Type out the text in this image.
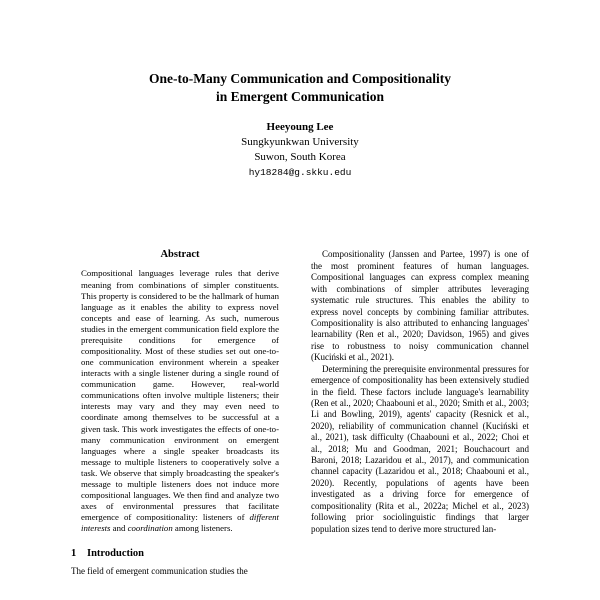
One-to-Many Communication and Compositionality
in Emergent Communication
Heeyoung Lee
Sungkyunkwan University
Suwon, South Korea
hy18284@g.skku.edu
Abstract

Compositional languages leverage rules that derive meaning from combinations of simpler constituents. This property is considered to be the hallmark of human language as it enables the ability to express novel concepts and ease of learning. As such, numerous studies in the emergent communication field explore the prerequisite conditions for emergence of compositionality. Most of these studies set out one-to-one communication environment wherein a speaker interacts with a single listener during a single round of communication game. However, real-world communications often involve multiple listeners; their interests may vary and they may even need to coordinate among themselves to be successful at a given task. This work investigates the effects of one-to-many communication environment on emergent languages where a single speaker broadcasts its message to multiple listeners to cooperatively solve a task. We observe that simply broadcasting the speaker's message to multiple listeners does not induce more compositional languages. We then find and analyze two axes of environmental pressures that facilitate emergence of compositionality: listeners of different interests and coordination among listeners.

1 Introduction

The field of emergent communication studies the

Compositionality (Janssen and Partee, 1997) is one of the most prominent features of human languages. Compositional languages can express complex meaning with combinations of simpler attributes leveraging systematic rule structures. This enables the ability to express novel concepts by combining familiar attributes. Compositionality is also attributed to enhancing languages' learnability (Ren et al., 2020; Davidson, 1965) and gives rise to robustness to noisy communication channel (Kuciński et al., 2021).

Determining the prerequisite environmental pressures for emergence of compositionality has been extensively studied in the field. These factors include language's learnability (Ren et al., 2020; Chaabouni et al., 2020; Smith et al., 2003; Li and Bowling, 2019), agents' capacity (Resnick et al., 2020), reliability of communication channel (Kuciński et al., 2021), task difficulty (Chaabouni et al., 2022; Choi et al., 2018; Mu and Goodman, 2021; Bouchacourt and Baroni, 2018; Lazaridou et al., 2017), and communication channel capacity (Lazaridou et al., 2018; Chaabouni et al., 2020). Recently, populations of agents have been investigated as a driving force for emergence of compositionality (Rita et al., 2022a; Michel et al., 2023) following prior sociolinguistic findings that larger population sizes tend to derive more structured lan-
